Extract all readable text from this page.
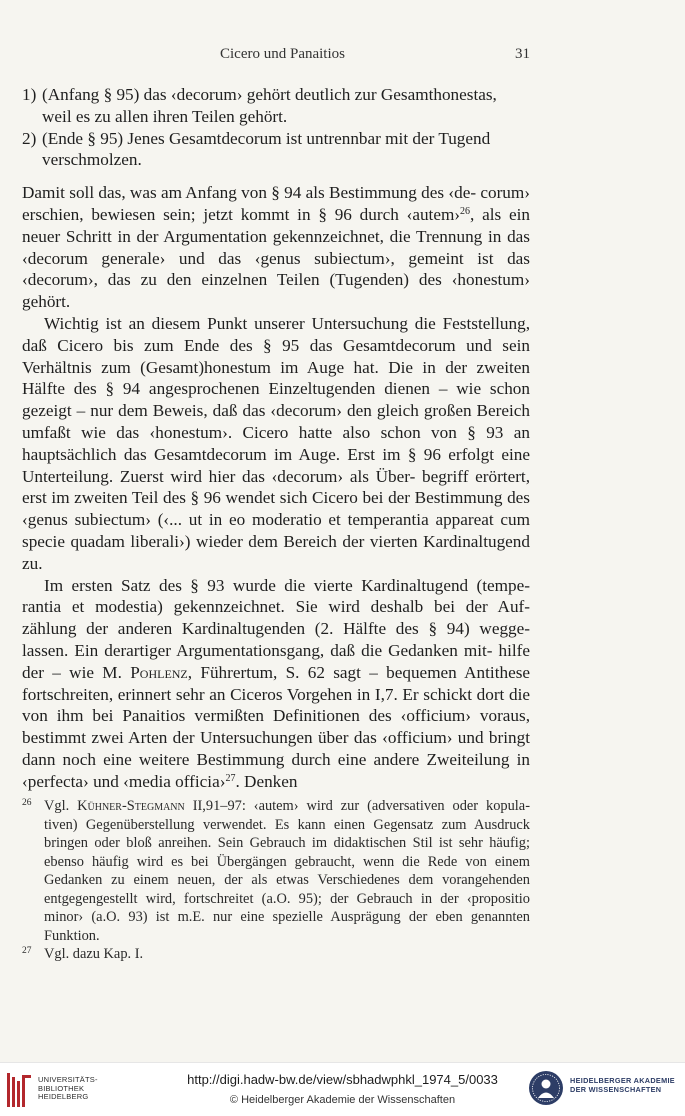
Cicero und Panaitios	31
1) (Anfang § 95) das ‹decorum› gehört deutlich zur Gesamthonestas,
weil es zu allen ihren Teilen gehört.
2) (Ende § 95) Jenes Gesamtdecorum ist untrennbar mit der Tugend
verschmolzen.

Damit soll das, was am Anfang von § 94 als Bestimmung des ‹de- corum› erschien, bewiesen sein; jetzt kommt in § 96 durch ‹autem›$^{26}$, als ein neuer Schritt in der Argumentation gekennzeichnet, die Trennung in das ‹decorum generale› und das ‹genus subiectum›, gemeint ist das ‹decorum›, das zu den einzelnen Teilen (Tugenden) des ‹honestum› gehört.

Wichtig ist an diesem Punkt unserer Untersuchung die Feststellung, daß Cicero bis zum Ende des § 95 das Gesamtdecorum und sein Verhältnis zum (Gesamt)honestum im Auge hat. Die in der zweiten Hälfte des § 94 angesprochenen Einzeltugenden dienen – wie schon gezeigt – nur dem Beweis, daß das ‹decorum› den gleich großen Bereich umfaßt wie das ‹honestum›. Cicero hatte also schon von § 93 an hauptsächlich das Gesamtdecorum im Auge. Erst im § 96 erfolgt eine Unterteilung. Zuerst wird hier das ‹decorum› als Über- begriff erörtert, erst im zweiten Teil des § 96 wendet sich Cicero bei der Bestimmung des ‹genus subiectum› (‹... ut in eo moderatio et temperantia appareat cum specie quadam liberali›) wieder dem Bereich der vierten Kardinaltugend zu.

Im ersten Satz des § 93 wurde die vierte Kardinaltugend (tempe- rantia et modestia) gekennzeichnet. Sie wird deshalb bei der Auf- zählung der anderen Kardinaltugenden (2. Hälfte des § 94) wegge- lassen. Ein derartiger Argumentationsgang, daß die Gedanken mit- hilfe der – wie M. Pohlenz, Führertum, S. 62 sagt – bequemen Antithese fortschreiten, erinnert sehr an Ciceros Vorgehen in I,7. Er schickt dort die von ihm bei Panaitios vermißten Definitionen des ‹officium› voraus, bestimmt zwei Arten der Untersuchungen über das ‹officium› und bringt dann noch eine weitere Bestimmung durch eine andere Zweiteilung in ‹perfecta› und ‹media officia›$^{27}$. Denken

26 Vgl. Kühner-Stegmann II,91–97: ‹autem› wird zur (adversativen oder kopula- tiven) Gegenüberstellung verwendet. Es kann einen Gegensatz zum Ausdruck bringen oder bloß anreihen. Sein Gebrauch im didaktischen Stil ist sehr häufig; ebenso häufig wird es bei Übergängen gebraucht, wenn die Rede von einem Gedanken zu einem neuen, der als etwas Verschiedenes dem vorangehenden entgegengestellt wird, fortschreitet (a.O. 95); der Gebrauch in der ‹propositio minor› (a.O. 93) ist m.E. nur eine spezielle Ausprägung der eben genannten Funktion.
27 Vgl. dazu Kap. I.
UNIVERSITÄTS-
BIBLIOTHEK
HEIDELBERG
http://digi.hadw-bw.de/view/sbhadwphkl_1974_5/0033
© Heidelberger Akademie der Wissenschaften
HEIDELBERGER AKADEMIE
DER WISSENSCHAFTEN
